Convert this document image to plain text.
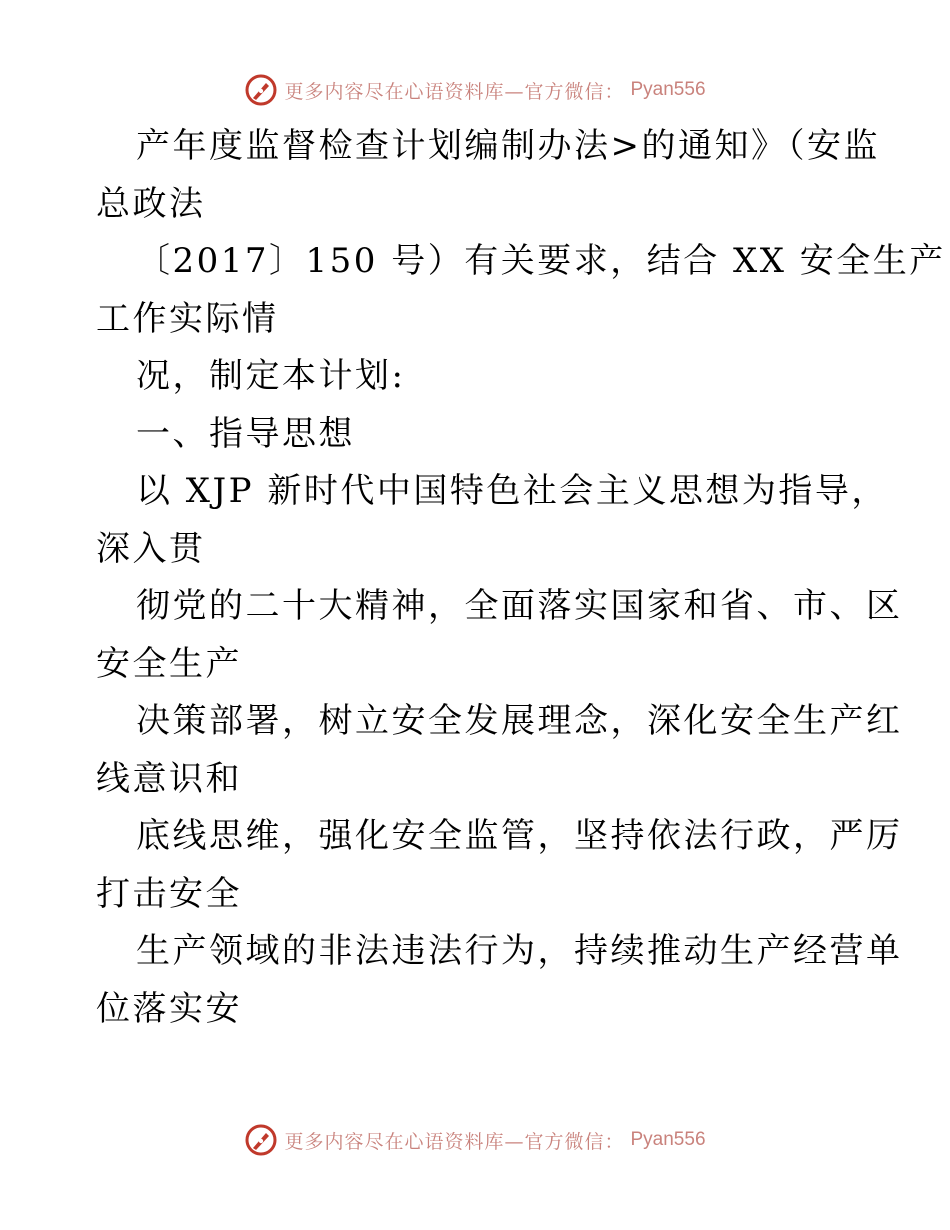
更多内容尽在心语资料库—官方微信： Pyan556
产年度监督检查计划编制办法>的通知》（安监
总政法
〔2017〕150 号）有关要求，结合 XX 安全生产
工作实际情
况，制定本计划:
一、指导思想
以 XJP 新时代中国特色社会主义思想为指导，
深入贯
彻党的二十大精神，全面落实国家和省、市、区
安全生产
决策部署，树立安全发展理念，深化安全生产红
线意识和
底线思维，强化安全监管，坚持依法行政，严厉
打击安全
生产领域的非法违法行为，持续推动生产经营单
位落实安
更多内容尽在心语资料库—官方微信： Pyan556
